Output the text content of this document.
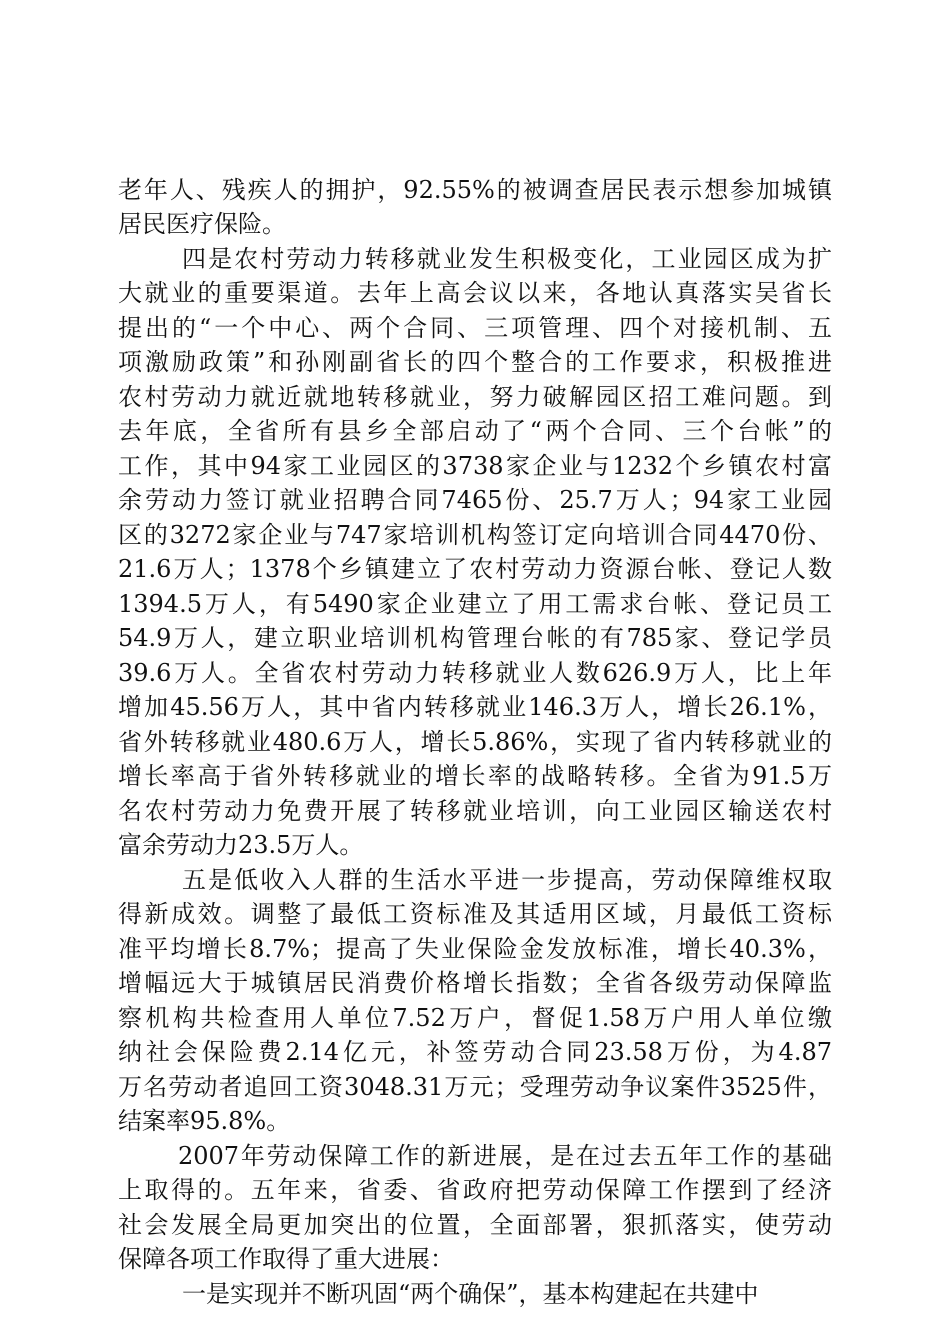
老年人、残疾人的拥护，92.55%的被调查居民表示想参加城镇
居民医疗保险。
四是农村劳动力转移就业发生积极变化，工业园区成为扩
大就业的重要渠道。去年上高会议以来，各地认真落实吴省长
提出的“一个中心、两个合同、三项管理、四个对接机制、五
项激励政策”和孙刚副省长的四个整合的工作要求，积极推进
农村劳动力就近就地转移就业，努力破解园区招工难问题。到
去年底，全省所有县乡全部启动了“两个合同、三个台帐”的
工作，其中94家工业园区的3738家企业与1232个乡镇农村富
余劳动力签订就业招聘合同7465份、25.7万人；94家工业园
区的3272家企业与747家培训机构签订定向培训合同4470份、
21.6万人；1378个乡镇建立了农村劳动力资源台帐、登记人数
1394.5万人，有5490家企业建立了用工需求台帐、登记员工
54.9万人，建立职业培训机构管理台帐的有785家、登记学员
39.6万人。全省农村劳动力转移就业人数626.9万人，比上年
增加45.56万人，其中省内转移就业146.3万人，增长26.1%，
省外转移就业480.6万人，增长5.86%，实现了省内转移就业的
增长率高于省外转移就业的增长率的战略转移。全省为91.5万
名农村劳动力免费开展了转移就业培训，向工业园区输送农村
富余劳动力23.5万人。
五是低收入人群的生活水平进一步提高，劳动保障维权取
得新成效。调整了最低工资标准及其适用区域，月最低工资标
准平均增长8.7%；提高了失业保险金发放标准，增长40.3%，
增幅远大于城镇居民消费价格增长指数；全省各级劳动保障监
察机构共检查用人单位7.52万户，督促1.58万户用人单位缴
纳社会保险费2.14亿元，补签劳动合同23.58万份，为4.87
万名劳动者追回工资3048.31万元；受理劳动争议案件3525件，
结案率95.8%。
2007年劳动保障工作的新进展，是在过去五年工作的基础
上取得的。五年来，省委、省政府把劳动保障工作摆到了经济
社会发展全局更加突出的位置，全面部署，狠抓落实，使劳动
保障各项工作取得了重大进展：
一是实现并不断巩固“两个确保”，基本构建起在共建中
